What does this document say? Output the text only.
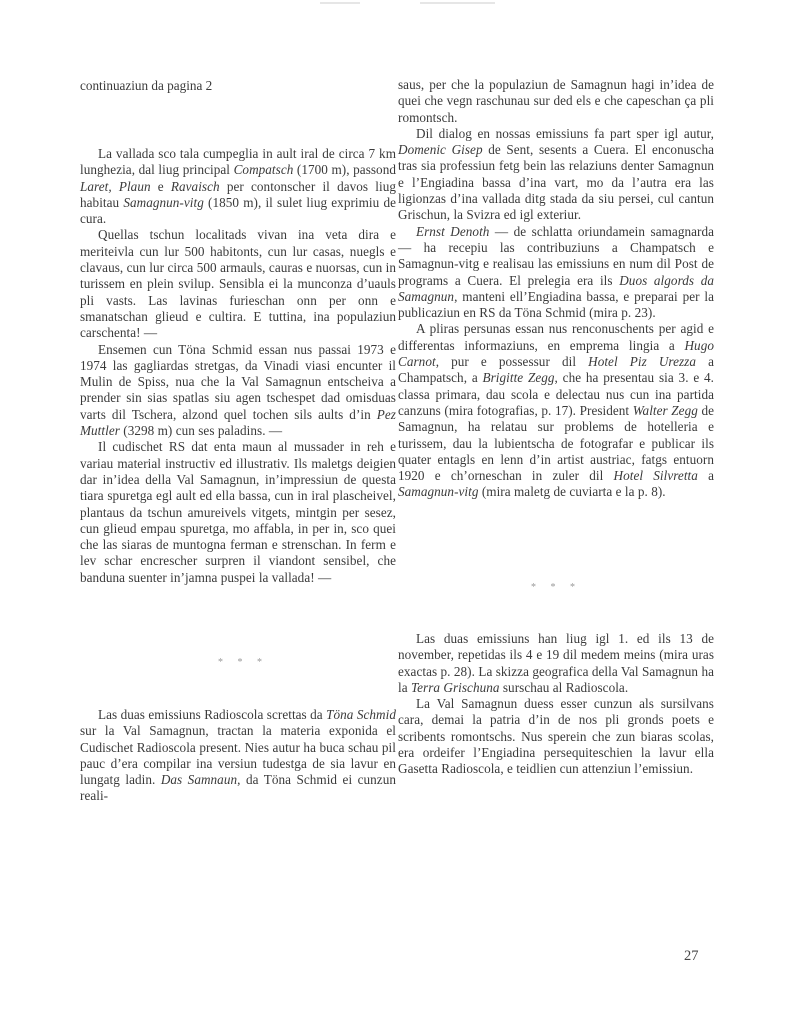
continuaziun da pagina 2

La vallada sco tala cumpeglia in ault iral de circa 7 km lunghezia, dal liug principal Compatsch (1700 m), passond Laret, Plaun e Ravaisch per contonscher il davos liug habitau Samagnun-vitg (1850 m), il sulet liug exprimiu de cura.

Quellas tschun localitads vivan ina veta dira e meriteivla cun lur 500 habitonts, cun lur casas, nuegls e clavaus, cun lur circa 500 armauls, cauras e nuorsas, cun in turissem en plein svilup. Sensibla ei la munconza d’uauls pli vasts. Las lavinas furieschan onn per onn e smanatschan glieud e cultira. E tuttina, ina populaziun carschenta! —

Ensemen cun Töna Schmid essan nus passai 1973 e 1974 las gagliardas stretgas, da Vinadi viasi encunter il Mulin de Spiss, nua che la Val Samagnun entscheiva a prender sin sias spatlas siu agen tschespet dad omisduas varts dil Tschera, alzond quel tochen sils aults d’in Pez Muttler (3298 m) cun ses paladins. —

Il cudischet RS dat enta maun al mussader in reh e variau material instructiv ed illustrativ. Ils maletgs deigien dar in’idea della Val Samagnun, in’impressiun de questa tiara spuretga egl ault ed ella bassa, cun in iral plascheivel, plantaus da tschun amureivels vitgets, mintgin per sesez, cun glieud empau spuretga, mo affabla, in per in, sco quei che las siaras de muntogna ferman e strenschan. In ferm e lev schar encrescher surpren il viandont sensibel, che banduna suenter in’jamna puspei la vallada! —

* * *

Las duas emissiuns Radioscola screttas da Töna Schmid sur la Val Samagnun, tractan la materia exponida el Cudischet Radioscola present. Nies autur ha buca schau pil pauc d’era compilar ina versiun tudestga de sia lavur en lungatg ladin. Das Samnaun, da Töna Schmid ei cunzun reali-

saus, per che la populaziun de Samagnun hagi in’idea de quei che vegn raschunau sur ded els e che capeschan ça pli romontsch.

Dil dialog en nossas emissiuns fa part sper igl autur, Domenic Gisep de Sent, sesents a Cuera. El enconuscha tras sia professiun fetg bein las relaziuns denter Samagnun e l’Engiadina bassa d’ina vart, mo da l’autra era las ligionzas d’ina vallada ditg stada da siu persei, cul cantun Grischun, la Svizra ed igl exteriur.

Ernst Denoth — de schlatta oriundamein samagnarda — ha recepiu las contribuziuns a Champatsch e Samagnun-vitg e realisau las emissiuns en num dil Post de programs a Cuera. El prelegia era ils Duos algords da Samagnun, manteni ell’Engiadina bassa, e preparai per la publicaziun en RS da Töna Schmid (mira p. 23).

A pliras persunas essan nus renconuschents per agid e differentas informaziuns, en emprema lingia a Hugo Carnot, pur e possessur dil Hotel Piz Urezza a Champatsch, a Brigitte Zegg, che ha presentau sia 3. e 4. classa primara, dau scola e delectau nus cun ina partida canzuns (mira fotografias, p. 17). President Walter Zegg de Samagnun, ha relatau sur problems de hotelleria e turissem, dau la lubientscha de fotografar e publicar ils quater entagls en lenn d’in artist austriac, fatgs entuorn 1920 e ch’orneschan in zuler dil Hotel Silvretta a Samagnun-vitg (mira maletg de cuviarta e la p. 8).

* * *

Las duas emissiuns han liug igl 1. ed ils 13 de november, repetidas ils 4 e 19 dil medem meins (mira uras exactas p. 28). La skizza geografica della Val Samagnun ha la Terra Grischuna surschau al Radioscola.

La Val Samagnun duess esser cunzun als sursilvans cara, demai la patria d’in de nos pli gronds poets e scribents romontschs. Nus sperein che zun biaras scolas, era ordeifer l’Engiadina persequiteschien la lavur ella Gasetta Radioscola, e teidlien cun attenziun l’emissiun.

27
